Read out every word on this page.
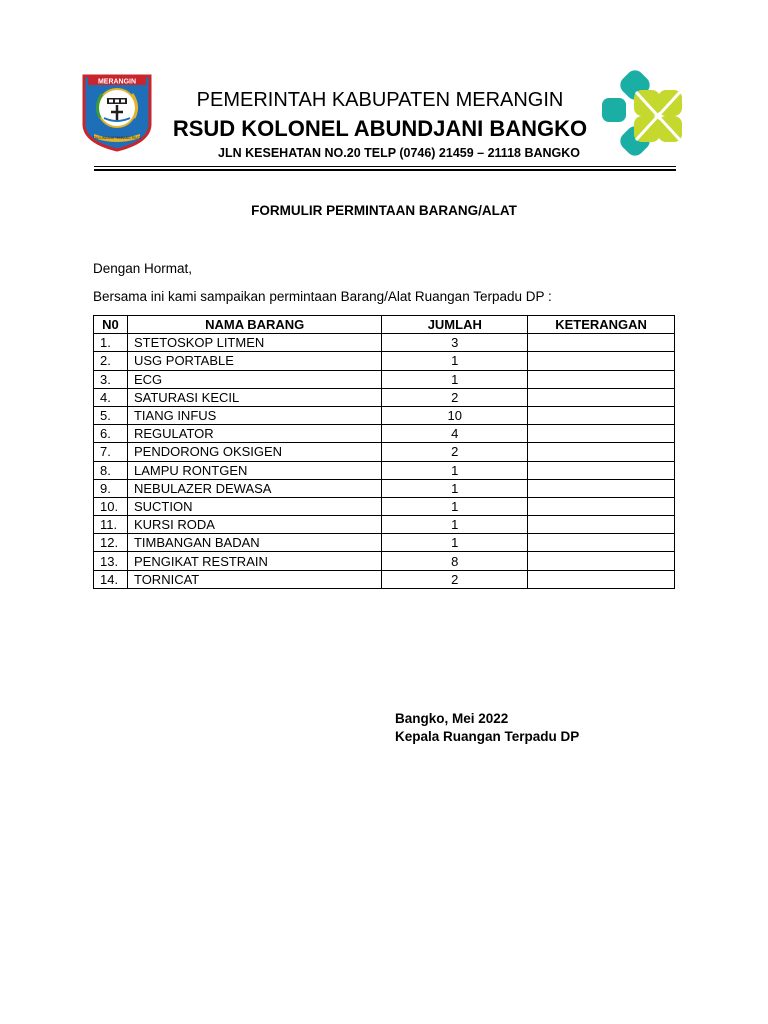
MERANGIN
TALI UNDANG TAMBANG TELITI
PEMERINTAH KABUPATEN MERANGIN
RSUD KOLONEL ABUNDJANI BANGKO
JLN KESEHATAN NO.20 TELP (0746) 21459 – 21118 BANGKO
FORMULIR PERMINTAAN BARANG/ALAT
Dengan Hormat,
Bersama ini kami sampaikan permintaan Barang/Alat Ruangan Terpadu DP :
N0	NAMA BARANG	JUMLAH	KETERANGAN
1.	STETOSKOP LITMEN	3	
2.	USG PORTABLE	1	
3.	ECG	1	
4.	SATURASI KECIL	2	
5.	TIANG INFUS	10	
6.	REGULATOR	4	
7.	PENDORONG OKSIGEN	2	
8.	LAMPU RONTGEN	1	
9.	NEBULAZER DEWASA	1	
10.	SUCTION	1	
11.	KURSI RODA	1	
12.	TIMBANGAN BADAN	1	
13.	PENGIKAT RESTRAIN	8	
14.	TORNICAT	2	
Bangko, Mei 2022
Kepala Ruangan Terpadu DP
